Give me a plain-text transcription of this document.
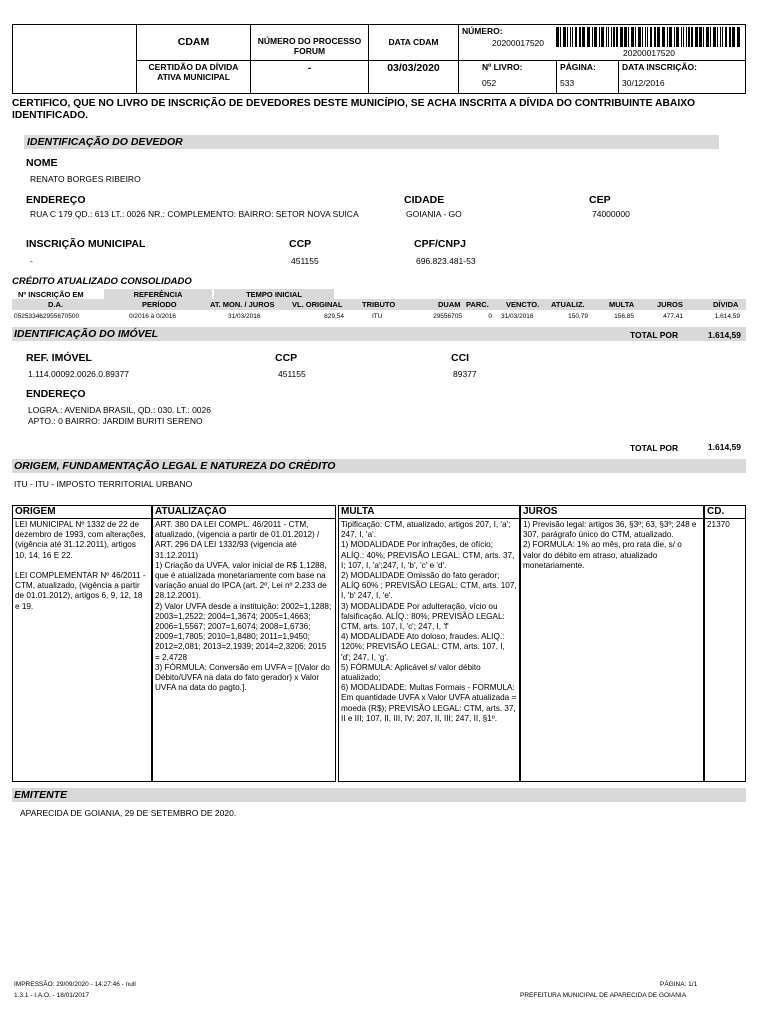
CDAM
CERTIDÃO DA DÍVIDA
ATIVA MUNICIPAL
NÚMERO DO PROCESSO
FORUM
-
DATA CDAM
03/03/2020
NÚMERO:
20200017520
20200017520
Nº LIVRO:
052
PÁGINA:
533
DATA INSCRIÇÃO:
30/12/2016
CERTIFICO, QUE NO LIVRO DE INSCRIÇÃO DE DEVEDORES DESTE MUNICÍPIO, SE ACHA INSCRITA A DÍVIDA DO CONTRIBUINTE ABAIXO IDENTIFICADO.
IDENTIFICAÇÃO DO DEVEDOR
NOME
RENATO BORGES RIBEIRO
ENDEREÇO
RUA C 179 QD.: 613 LT.: 0026 NR.: COMPLEMENTO: BAIRRO: SETOR NOVA SUICA
CIDADE
GOIANIA - GO
CEP
74000000
INSCRIÇÃO MUNICIPAL
-
CCP
451155
CPF/CNPJ
696.823.481-53
CRÉDITO ATUALIZADO CONSOLIDADO
Nº INSCRIÇÃO EM	REFERÊNCIA	TEMPO INICIAL
D.A.	PERÍODO	AT. MON. / JUROS VL. ORIGINAL	TRIBUTO	DUAM PARC. VENCTO. ATUALIZ.	MULTA	JUROS	DÍVIDA
052533462955670500	0/2016 à 0/2016	31/03/2016	829,54	ITU	29556705	0 31/03/2016	150,79	156,85	477,41	1.614,59
IDENTIFICAÇÃO DO IMÓVEL	TOTAL POR	1.614,59
REF. IMÓVEL
1.114.00092.0026.0.89377
CCP
451155
CCI
89377
ENDEREÇO
LOGRA.: AVENIDA BRASIL, QD.: 030. LT.: 0026
APTO.: 0 BAIRRO: JARDIM BURITI SERENO
TOTAL POR	1.614,59
ORIGEM, FUNDAMENTAÇÃO LEGAL E NATUREZA DO CRÉDITO
ITU - ITU - IMPOSTO TERRITORIAL URBANO
ORIGEM
LEI MUNICIPAL Nº 1332 de 22 de dezembro de 1993, com alterações, (vigência até 31.12.2011), artigos 10, 14, 16 E 22.

LEI COMPLEMENTAR Nº 46/2011 - CTM, atualizado, (vigência a partir de 01.01.2012), artigos 6, 9, 12, 18 e 19.
ATUALIZAÇÃO
ART. 380 DA LEI COMPL. 46/2011 - CTM, atualizado, (vigencia a partir de 01.01.2012) / ART. 296 DA LEI 1332/93 (vigencia até 31.12.2011)
1) Criação da UVFA, valor inicial de R$ 1,1288, que é atualizada monetariamente com base na variação anual do IPCA (art. 2º, Lei nº 2.233 de 28.12.2001).
2) Valor UVFA desde a instituição: 2002=1,1288; 2003=1,2522; 2004=1,3674; 2005=1,4663; 2006=1,5567; 2007=1,6074; 2008=1,6736; 2009=1,7805; 2010=1,8480; 2011=1,9450; 2012=2,081; 2013=2,1939; 2014=2,3206; 2015 = 2,4728
3) FÓRMULA: Conversão em UVFA = [(Valor do Débito/UVFA na data do fato gerador) x Valor UVFA na data do pagto.].
MULTA
Tipificação: CTM, atualizado, artigos 207, I, 'a'; 247, I, 'a'.
1) MODALIDADE Por infrações, de ofício; ALÍQ.: 40%; PREVISÃO LEGAL: CTM, arts. 37, I; 107, I, 'a';247, I, 'b', 'c' e 'd'.
2) MODALIDADE Omissão do fato gerador; ALÍQ 60% ; PREVISÃO LEGAL: CTM, arts. 107, I, 'b' 247, I, 'e'.
3) MODALIDADE Por adulteração, vício ou falsificação. ALÍQ.: 80%; PREVISÃO LEGAL: CTM, arts. 107, I, 'c'; 247, I, 'f'
4) MODALIDADE Ato doloso, fraudes. ALIQ.: 120%; PREVISÃO LEGAL: CTM, arts. 107, I, 'd'; 247, I, 'g'.
5) FÓRMULA: Aplicável s/ valor débito atualizado;
6) MODALIDADE: Multas Formais - FORMULA: Em quantidade UVFA x Valor UVFA atualizada = moeda (R$); PREVISÃO LEGAL: CTM, arts. 37, II e III; 107, II, III, IV; 207, II, III; 247, II, §1º.
JUROS
1) Previsão legal: artigos 36, §3º; 63, §3º; 248 e 307, parágrafo único do CTM, atualizado.
2) FORMULA: 1% ao mês, pro rata die, s/ o valor do débito em atraso, atualizado monetariamente.
CD.
21370
EMITENTE
APARECIDA DE GOIANIA, 29 DE SETEMBRO DE 2020.
IMPRESSÃO: 29/09/2020 - 14:27:46 - null
1.3.1 - I.A.O. - 18/01/2017
PÁGINA: 1/1
PREFEITURA MUNICIPAL DE APARECIDA DE GOIANIA
